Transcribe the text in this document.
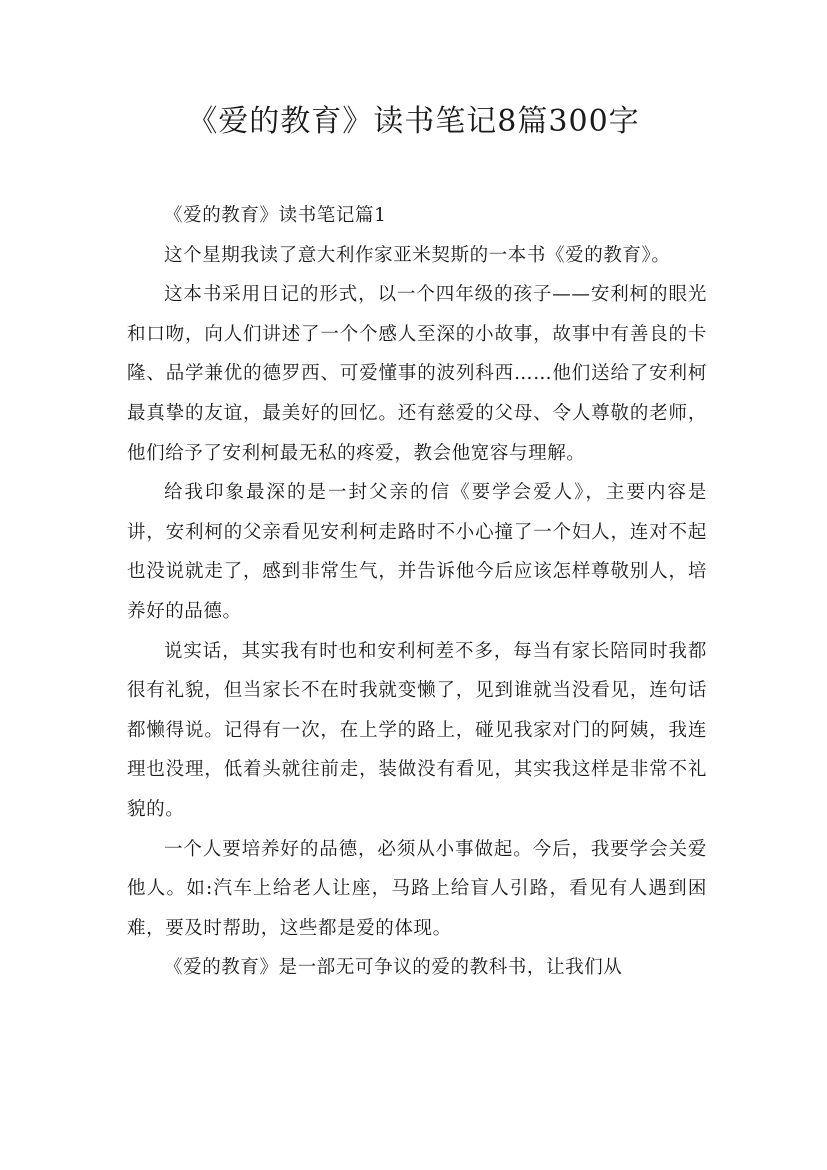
《爱的教育》读书笔记8篇300字

《爱的教育》读书笔记篇1

这个星期我读了意大利作家亚米契斯的一本书《爱的教育》。

这本书采用日记的形式，以一个四年级的孩子——安利柯的眼光和口吻，向人们讲述了一个个感人至深的小故事，故事中有善良的卡隆、品学兼优的德罗西、可爱懂事的波列科西……他们送给了安利柯最真挚的友谊，最美好的回忆。还有慈爱的父母、令人尊敬的老师，他们给予了安利柯最无私的疼爱，教会他宽容与理解。

给我印象最深的是一封父亲的信《要学会爱人》，主要内容是讲，安利柯的父亲看见安利柯走路时不小心撞了一个妇人，连对不起也没说就走了，感到非常生气，并告诉他今后应该怎样尊敬别人，培养好的品德。

说实话，其实我有时也和安利柯差不多，每当有家长陪同时我都很有礼貌，但当家长不在时我就变懒了，见到谁就当没看见，连句话都懒得说。记得有一次，在上学的路上，碰见我家对门的阿姨，我连理也没理，低着头就往前走，装做没有看见，其实我这样是非常不礼貌的。

一个人要培养好的品德，必须从小事做起。今后，我要学会关爱他人。如:汽车上给老人让座，马路上给盲人引路，看见有人遇到困难，要及时帮助，这些都是爱的体现。

《爱的教育》是一部无可争议的爱的教科书，让我们从
